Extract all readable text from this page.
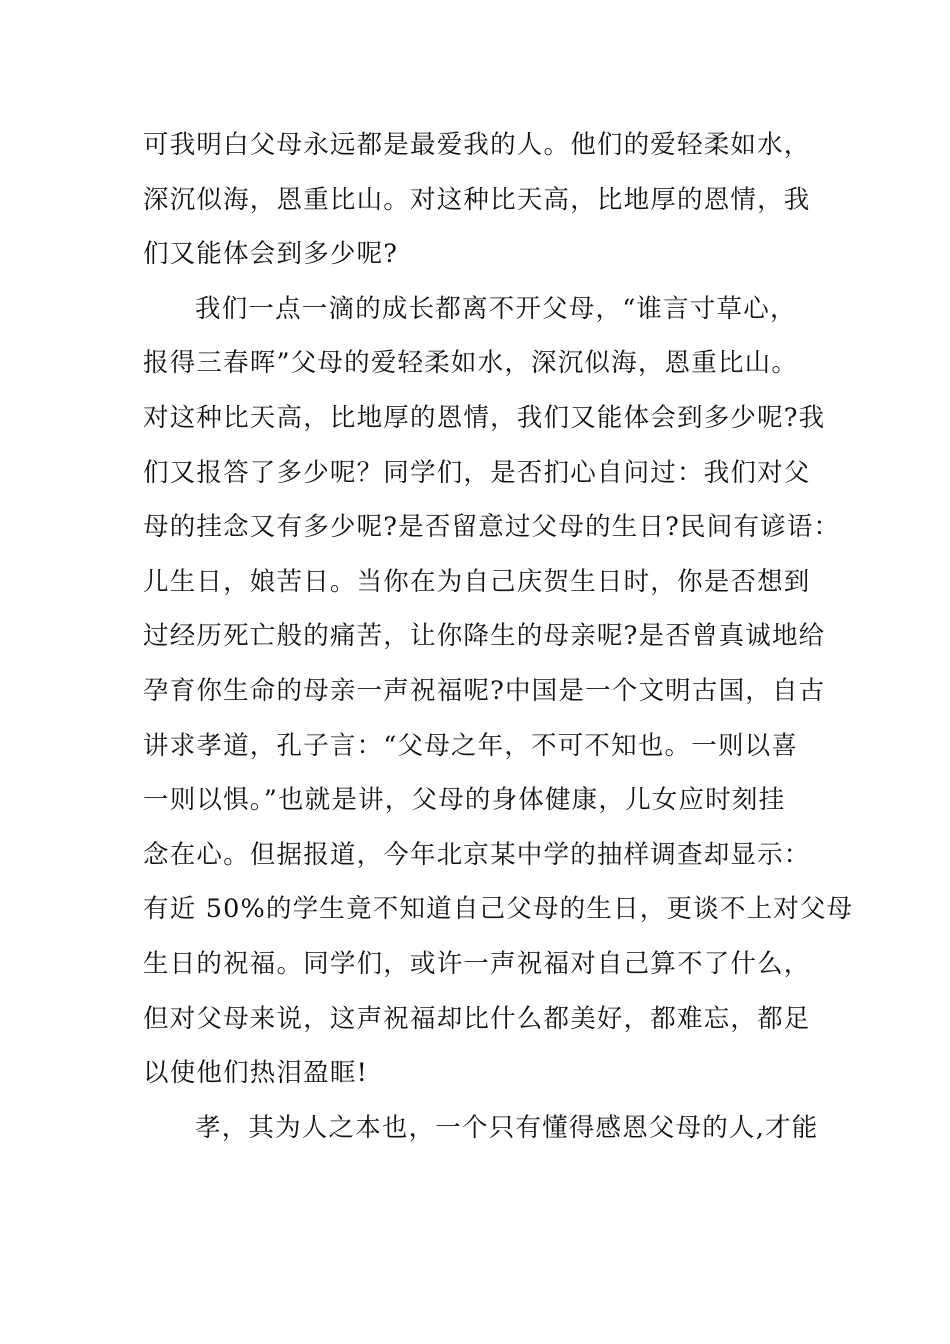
可我明白父母永远都是最爱我的人。他们的爱轻柔如水，
深沉似海，恩重比山。对这种比天高，比地厚的恩情，我
们又能体会到多少呢?
我们一点一滴的成长都离不开父母，“谁言寸草心，
报得三春晖”父母的爱轻柔如水，深沉似海，恩重比山。
对这种比天高，比地厚的恩情，我们又能体会到多少呢?我
们又报答了多少呢？同学们，是否扪心自问过：我们对父
母的挂念又有多少呢?是否留意过父母的生日?民间有谚语：
儿生日，娘苦日。当你在为自己庆贺生日时，你是否想到
过经历死亡般的痛苦，让你降生的母亲呢?是否曾真诚地给
孕育你生命的母亲一声祝福呢?中国是一个文明古国，自古
讲求孝道，孔子言：“父母之年，不可不知也。一则以喜
一则以惧。”也就是讲，父母的身体健康，儿女应时刻挂
念在心。但据报道，今年北京某中学的抽样调查却显示：
有近 50%的学生竟不知道自己父母的生日，更谈不上对父母
生日的祝福。同学们，或许一声祝福对自己算不了什么，
但对父母来说，这声祝福却比什么都美好，都难忘，都足
以使他们热泪盈眶!
孝，其为人之本也，一个只有懂得感恩父母的人,才能
